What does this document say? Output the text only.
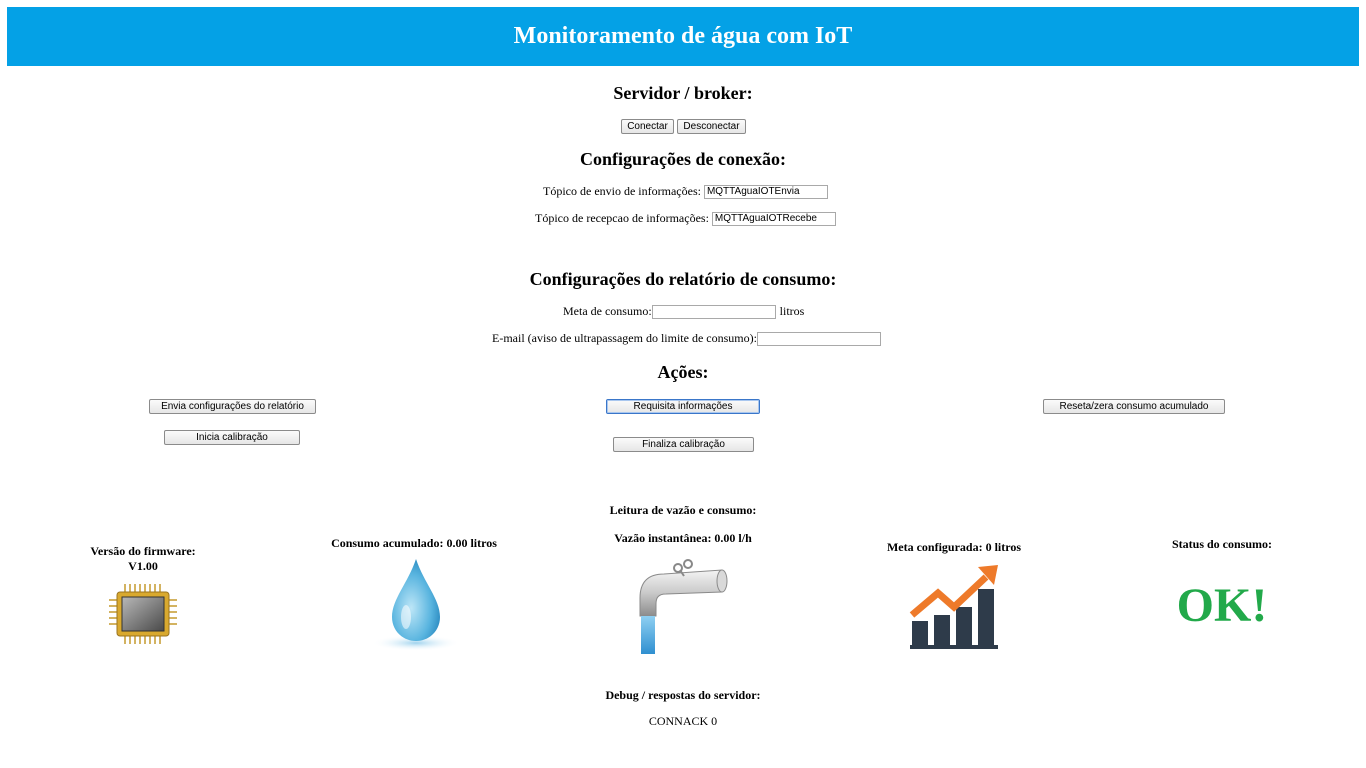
Monitoramento de água com IoT
Servidor / broker:
Conectar	Desconectar
Configurações de conexão:
Tópico de envio de informações:
MQTTAguaIOTEnvia
Tópico de recepcao de informações:
MQTTAguaIOTRecebe
Configurações do relatório de consumo:
Meta de consumo:	litros
E-mail (aviso de ultrapassagem do limite de consumo):
Ações:
Envia configurações do relatório	Requisita informações	Reseta/zera consumo acumulado
Inicia calibração
Finaliza calibração
Leitura de vazão e consumo:
Versão do firmware:
V1.00
Consumo acumulado: 0.00 litros	Vazão instantânea: 0.00 l/h
Meta configurada: 0 litros	Status do consumo:
OK!
Debug / respostas do servidor:
CONNACK 0
